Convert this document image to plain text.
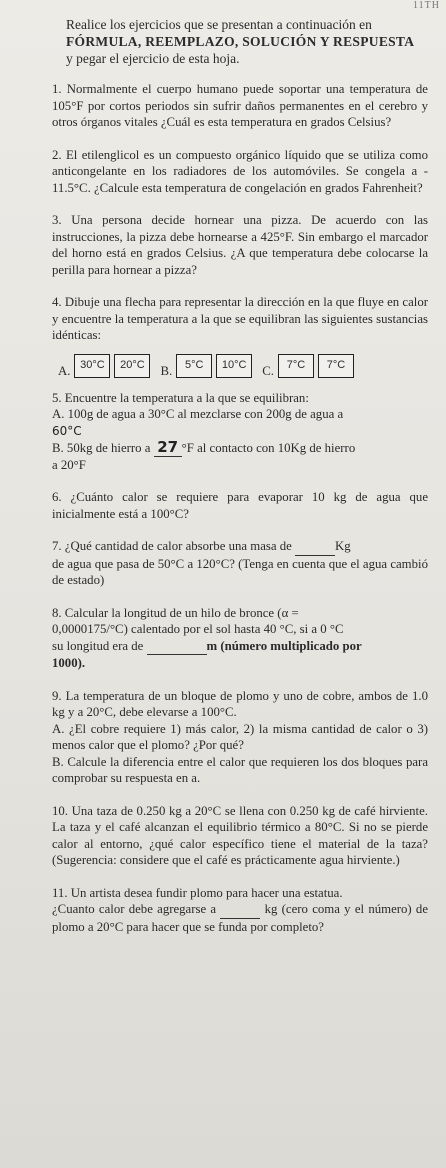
11TH
Realice los ejercicios que se presentan a continuación en
FÓRMULA, REEMPLAZO, SOLUCIÓN Y RESPUESTA
y pegar el ejercicio de esta hoja.

1. Normalmente el cuerpo humano puede soportar una temperatura de 105°F por cortos periodos sin sufrir daños permanentes en el cerebro y otros órganos vitales ¿Cuál es esta temperatura en grados Celsius?

2. El etilenglicol es un compuesto orgánico líquido que se utiliza como anticongelante en los radiadores de los automóviles. Se congela a - 11.5°C. ¿Calcule esta temperatura de congelación en grados Fahrenheit?

3. Una persona decide hornear una pizza. De acuerdo con las instrucciones, la pizza debe hornearse a 425°F. Sin embargo el marcador del horno está en grados Celsius. ¿A que temperatura debe colocarse la perilla para hornear a pizza?

4. Dibuje una flecha para representar la dirección en la que fluye en calor y encuentre la temperatura a la que se equilibran las siguientes sustancias idénticas:

A. 30°C	20°C	B.	5°C	10°C	C.	7°C	7°C

5. Encuentre la temperatura a la que se equilibran:

A. 100g de agua a 30°C al mezclarse con 200g de agua a

60°C

B. 50kg de hierro a 27 °F al contacto con 10Kg de hierro

a 20°F

6. ¿Cuánto calor se requiere para evaporar 10 kg de agua que inicialmente está a 100°C?

7. ¿Qué cantidad de calor absorbe una masa de	Kg

de agua que pasa de 50°C a 120°C? (Tenga en cuenta que el agua cambió de estado)

8. Calcular la longitud de un hilo de bronce (α =

0,0000175/°C) calentado por el sol hasta 40 °C, si a 0 °C

su longitud era de	m (número multiplicado por

1000).

9. La temperatura de un bloque de plomo y uno de cobre, ambos de 1.0 kg y a 20°C, debe elevarse a 100°C.

A. ¿El cobre requiere 1) más calor, 2) la misma cantidad de calor o 3) menos calor que el plomo? ¿Por qué?

B. Calcule la diferencia entre el calor que requieren los dos bloques para comprobar su respuesta en a.

10. Una taza de 0.250 kg a 20°C se llena con 0.250 kg de café hirviente. La taza y el café alcanzan el equilibrio térmico a 80°C. Si no se pierde calor al entorno, ¿qué calor específico tiene el material de la taza? (Sugerencia: considere que el café es prácticamente agua hirviente.)

11. Un artista desea fundir plomo para hacer una estatua.

¿Cuanto calor debe agregarse a	kg (cero coma y el número) de plomo a 20°C para hacer que se funda por completo?
